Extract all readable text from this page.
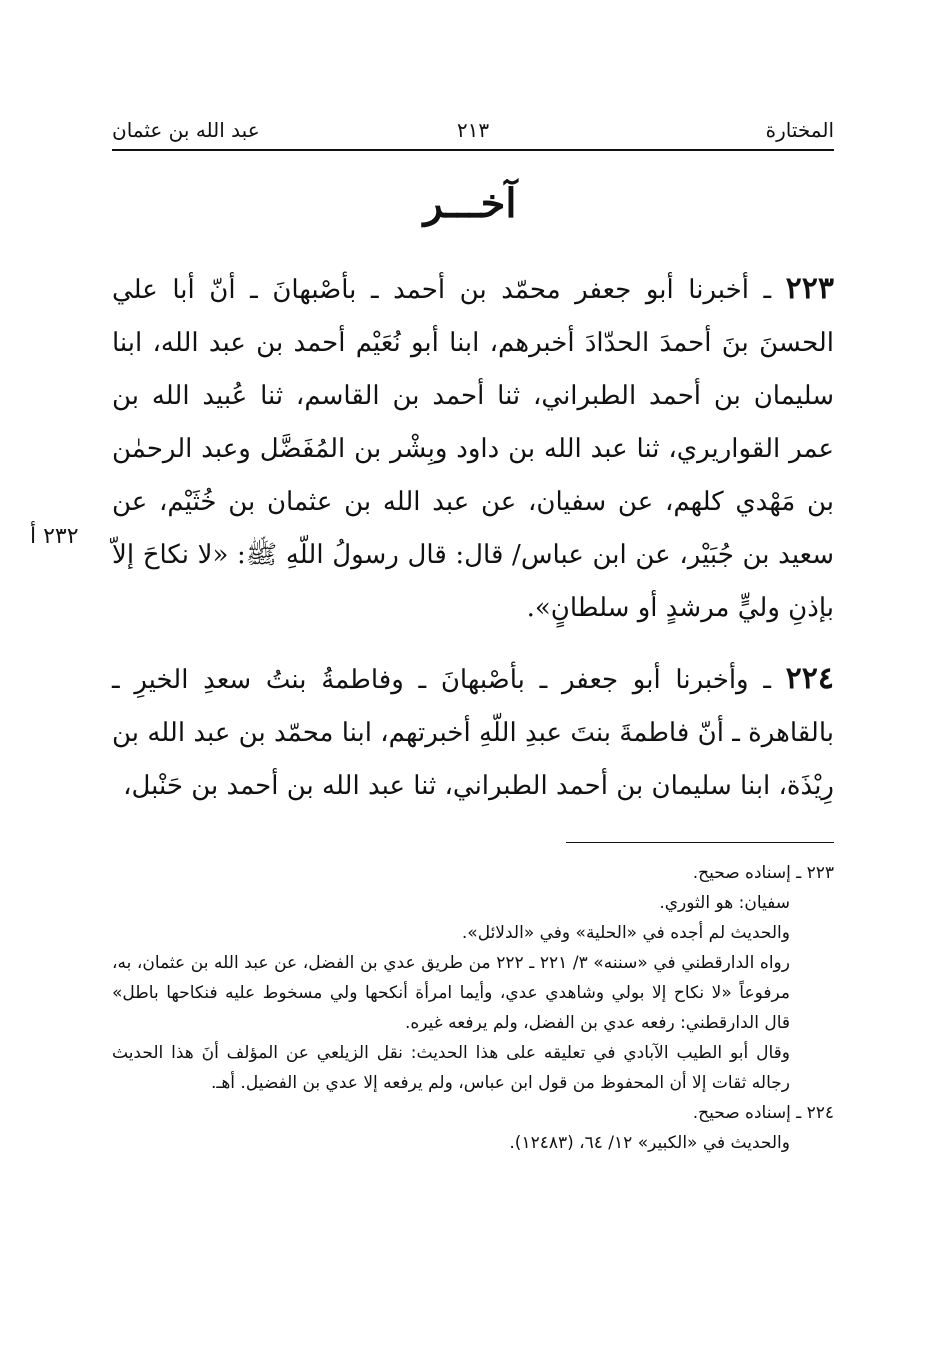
المختارة
٢١٣
عبد الله بن عثمان
آخـــر

٢٢٣ ـ أخبرنا أبو جعفر محمّد بن أحمد ـ بأصْبهانَ ـ أنّ أبا علي الحسنَ بنَ أحمدَ الحدّادَ أخبرهم، ابنا أبو نُعَيْم أحمد بن عبد الله، ابنا سليمان بن أحمد الطبراني، ثنا أحمد بن القاسم، ثنا عُبيد الله بن عمر القواريري، ثنا عبد الله بن داود وبِشْر بن المُفَضَّل وعبد الرحمٰن بن مَهْدي كلهم، عن سفيان، عن عبد الله بن عثمان بن خُثَيْم، عن سعيد بن جُبَيْر، عن ابن عباس/ قال: قال رسولُ اللّهِ ﷺ: «لا نكاحَ إلاّ بإذنِ وليٍّ مرشدٍ أو سلطانٍ».

٢٢٤ ـ وأخبرنا أبو جعفر ـ بأصْبهانَ ـ وفاطمةُ بنتُ سعدِ الخيرِ ـ بالقاهرة ـ أنّ فاطمةَ بنتَ عبدِ اللّهِ أخبرتهم، ابنا محمّد بن عبد الله بن رِيْذَة، ابنا سليمان بن أحمد الطبراني، ثنا عبد الله بن أحمد بن حَنْبل،

٢٣٢ أ

٢٢٣ ـ إسناده صحيح.

سفيان: هو الثوري.

والحديث لم أجده في «الحلية» وفي «الدلائل».

رواه الدارقطني في «سننه» ٣/ ٢٢١ ـ ٢٢٢ من طريق عدي بن الفضل، عن عبد الله بن عثمان، به، مرفوعاً «لا نكاح إلا بولي وشاهدي عدي، وأيما امرأة أنكحها ولي مسخوط عليه فنكاحها باطل» قال الدارقطني: رفعه عدي بن الفضل، ولم يرفعه غيره.

وقال أبو الطيب الآبادي في تعليقه على هذا الحديث: نقل الزيلعي عن المؤلف أنَ هذا الحديث رجاله ثقات إلا أن المحفوظ من قول ابن عباس، ولم يرفعه إلا عدي بن الفضيل. أهـ.

٢٢٤ ـ إسناده صحيح.

والحديث في «الكبير» ١٢/ ٦٤، (١٢٤٨٣).
